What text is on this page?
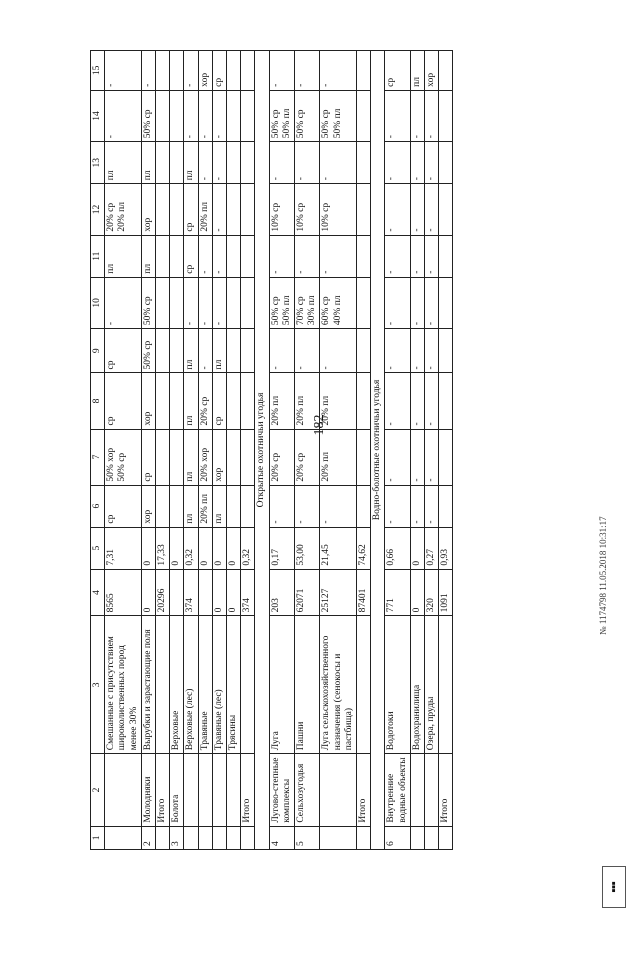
182
1	2	3	4	5	6	7	8	9	10	11	12	13	14	15
		Смешанные с присутствием широколиственных пород менее 30%	8565	7,31	ср	50% хор 50% ср	ср	ср	-	пл	20% ср 20% пл	пл	-	-
2	Молодняки	Вырубки и зарастающие поля	0	0	хор	ср	хор	50% ср	50% ср	пл	хор	пл	50% ср	-
	Итого		20296	17,33										
3	Болота	Верховые		0										
		Верховые (лес)	374	0,32	пл	пл	пл	пл	-	ср	ср	пл	-	-
		Травяные		0	20% пл	20% хор	20% ср	-	-	-	20% пл	-	-	хор
		Травяные (лес)	0	0	пл	хор	ср	пл	-	-	-	-	-	ср
		Трясины	0	0										
	Итого		374	0,32										
Открытые охотничьи угодья														
4	Лугово-степные комплексы	Луга	203	0,17	-	20% ср	20% пл	-	50% ср 50% пл	-	10% ср	-	50% ср 50% пл	-
5	Сельхозугодья	Пашни	62071	53,00	-	20% ср	20% пл	-	70% ср 30% пл	-	10% ср	-	50% ср	-
		Луга сельскохозяйственного назначения (сенокосы и пастбища)	25127	21,45	-	20% пл	20% пл	-	60% ср 40% пл	-	10% ср	-	50% ср 50% пл	-
	Итого		87401	74,62										
Водно-болотные охотничьи угодья														
6	Внутренние водные объекты	Водотоки	771	0,66	-	-	-	-	-	-	-	-	-	ср
		Водохранилища	0	0	-	-	-	-	-	-	-	-	-	пл
		Озера, пруды	320	0,27	-	-	-	-	-	-	-	-	-	хор
	Итого		1091	0,93											№ 1174798 11.05.2018 10:31:17
■■■
